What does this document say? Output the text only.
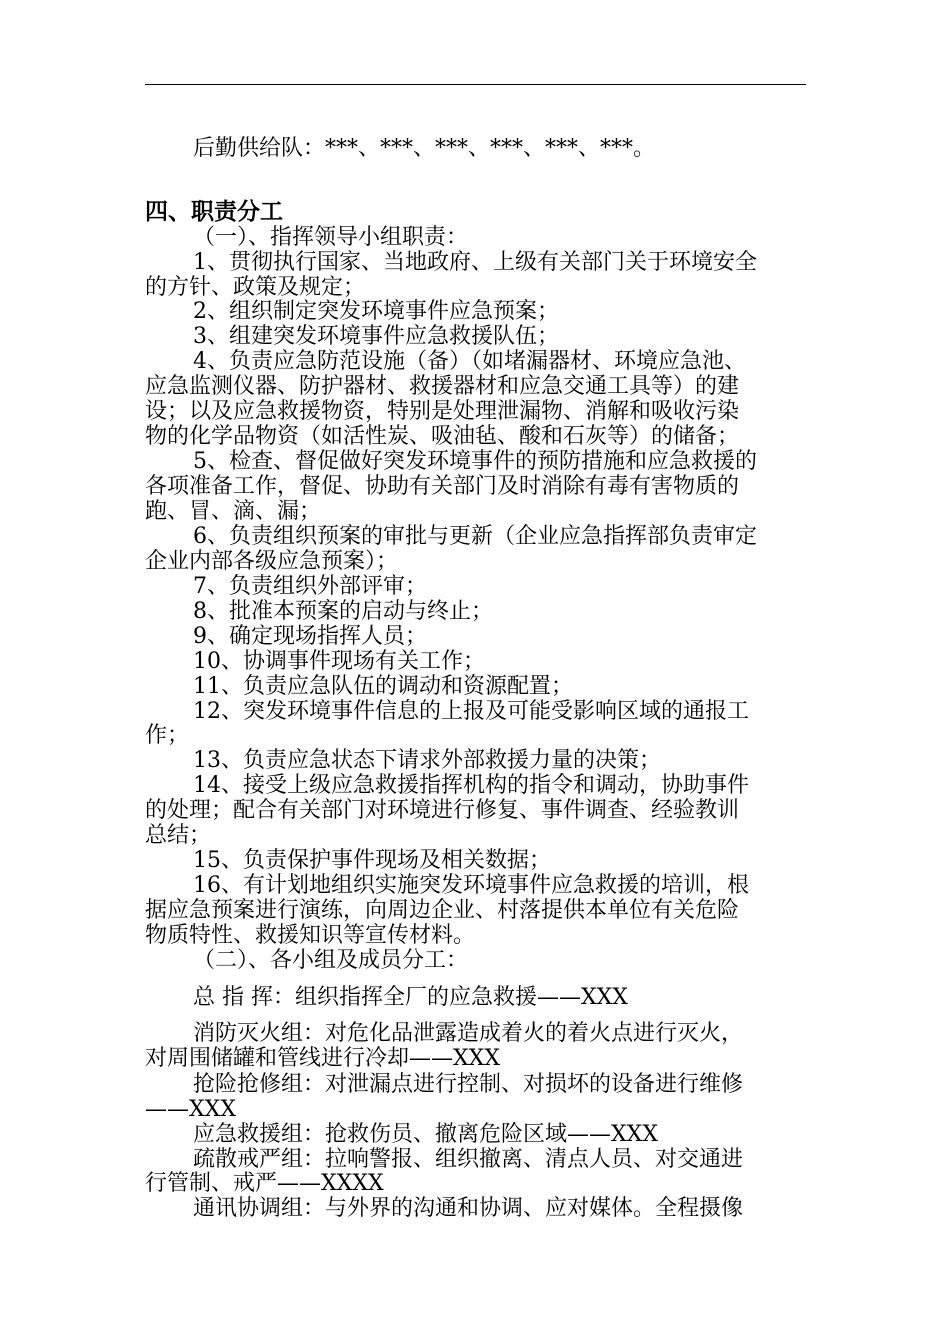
后勤供给队：***、***、***、***、***、***。
四、职责分工
（一）、指挥领导小组职责：
1、贯彻执行国家、当地政府、上级有关部门关于环境安全
的方针、政策及规定；
2、组织制定突发环境事件应急预案；
3、组建突发环境事件应急救援队伍；
4、负责应急防范设施（备）（如堵漏器材、环境应急池、
应急监测仪器、防护器材、救援器材和应急交通工具等）的建
设；以及应急救援物资，特别是处理泄漏物、消解和吸收污染
物的化学品物资（如活性炭、吸油毡、酸和石灰等）的储备；
5、检查、督促做好突发环境事件的预防措施和应急救援的
各项准备工作，督促、协助有关部门及时消除有毒有害物质的
跑、冒、滴、漏；
6、负责组织预案的审批与更新（企业应急指挥部负责审定
企业内部各级应急预案）；
7、负责组织外部评审；
8、批准本预案的启动与终止；
9、确定现场指挥人员；
10、协调事件现场有关工作；
11、负责应急队伍的调动和资源配置；
12、突发环境事件信息的上报及可能受影响区域的通报工
作；
13、负责应急状态下请求外部救援力量的决策；
14、接受上级应急救援指挥机构的指令和调动，协助事件
的处理；配合有关部门对环境进行修复、事件调查、经验教训
总结；
15、负责保护事件现场及相关数据；
16、有计划地组织实施突发环境事件应急救援的培训，根
据应急预案进行演练，向周边企业、村落提供本单位有关危险
物质特性、救援知识等宣传材料。
（二）、各小组及成员分工：
总 指 挥：组织指挥全厂的应急救援——XXX
消防灭火组：对危化品泄露造成着火的着火点进行灭火，
对周围储罐和管线进行冷却——XXX
抢险抢修组：对泄漏点进行控制、对损坏的设备进行维修
——XXX
应急救援组：抢救伤员、撤离危险区域——XXX
疏散戒严组：拉响警报、组织撤离、清点人员、对交通进
行管制、戒严——XXXX
通讯协调组：与外界的沟通和协调、应对媒体。全程摄像
